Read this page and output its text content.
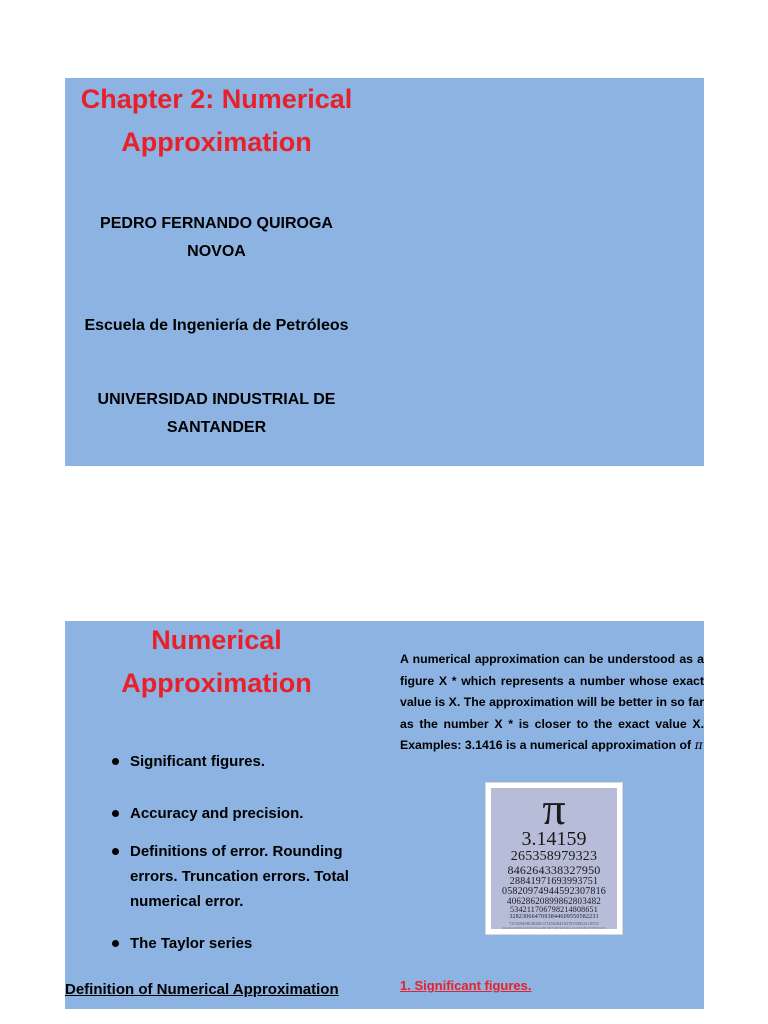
Chapter 2: Numerical
Approximation

PEDRO FERNANDO QUIROGA
NOVOA

Escuela de Ingeniería de Petróleos

UNIVERSIDAD INDUSTRIAL DE
SANTANDER

Numerical
Approximation
Significant figures.
Accuracy and precision.
Definitions of error. Rounding errors. Truncation errors. Total numerical error.
The Taylor series
Definition of Numerical Approximation

A numerical approximation can be understood as a figure X * which represents a number whose exact value is X. The approximation will be better in so far as the number X * is closer to the exact value X. Examples: 3.1416 is a numerical approximation of π

π
3.14159
265358979323
846264338327950
28841971693993751
05820974944592307816
40628620899862803482
534211706798214808651
3282306647093844609550582231
72535940812848111745028410270193852110555
9644622948954930381964428810975665933446128475648233786783165
1. Significant figures.
